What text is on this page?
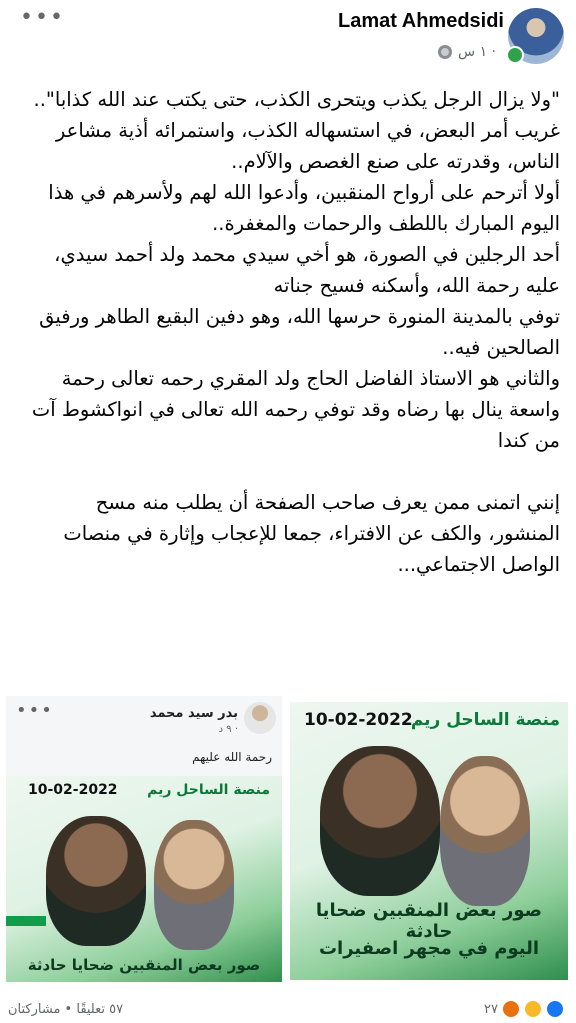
•••	Lamat Ahmedsidi
١ س ·

"ولا يزال الرجل يكذب ويتحرى الكذب، حتى يكتب عند الله كذابا"..

غريب أمر البعض، في استسهاله الكذب، واستمرائه أذية مشاعر الناس، وقدرته على صنع الغصص والآلام..

أولا أترحم على أرواح المنقبين، وأدعوا الله لهم ولأسرهم في هذا اليوم المبارك باللطف والرحمات والمغفرة..

أحد الرجلين في الصورة، هو أخي سيدي محمد ولد أحمد سيدي، عليه رحمة الله، وأسكنه فسيح جناته

توفي بالمدينة المنورة حرسها الله، وهو دفين البقيع الطاهر ورفيق الصالحين فيه..

والثاني هو الاستاذ الفاضل الحاج ولد المقري رحمه تعالى رحمة واسعة ينال بها رضاه وقد توفي رحمه الله تعالى في انواكشوط آت من كندا

إنني اتمنى ممن يعرف صاحب الصفحة أن يطلب منه مسح المنشور، والكف عن الافتراء، جمعا للإعجاب وإثارة في منصات الواصل الاجتماعي...

•••	بدر سيد محمد
٩ د ·
رحمة الله عليهم
10-02-2022 منصة الساحل ريم
صور بعض المنقبين ضحايا حادثة
10-02-2022
منصة الساحل ريم
صور بعض المنقبين ضحايا حادثة
اليوم في مجهر اصفيرات
٥٧ تعليقًا • مشاركتان	٢٧
